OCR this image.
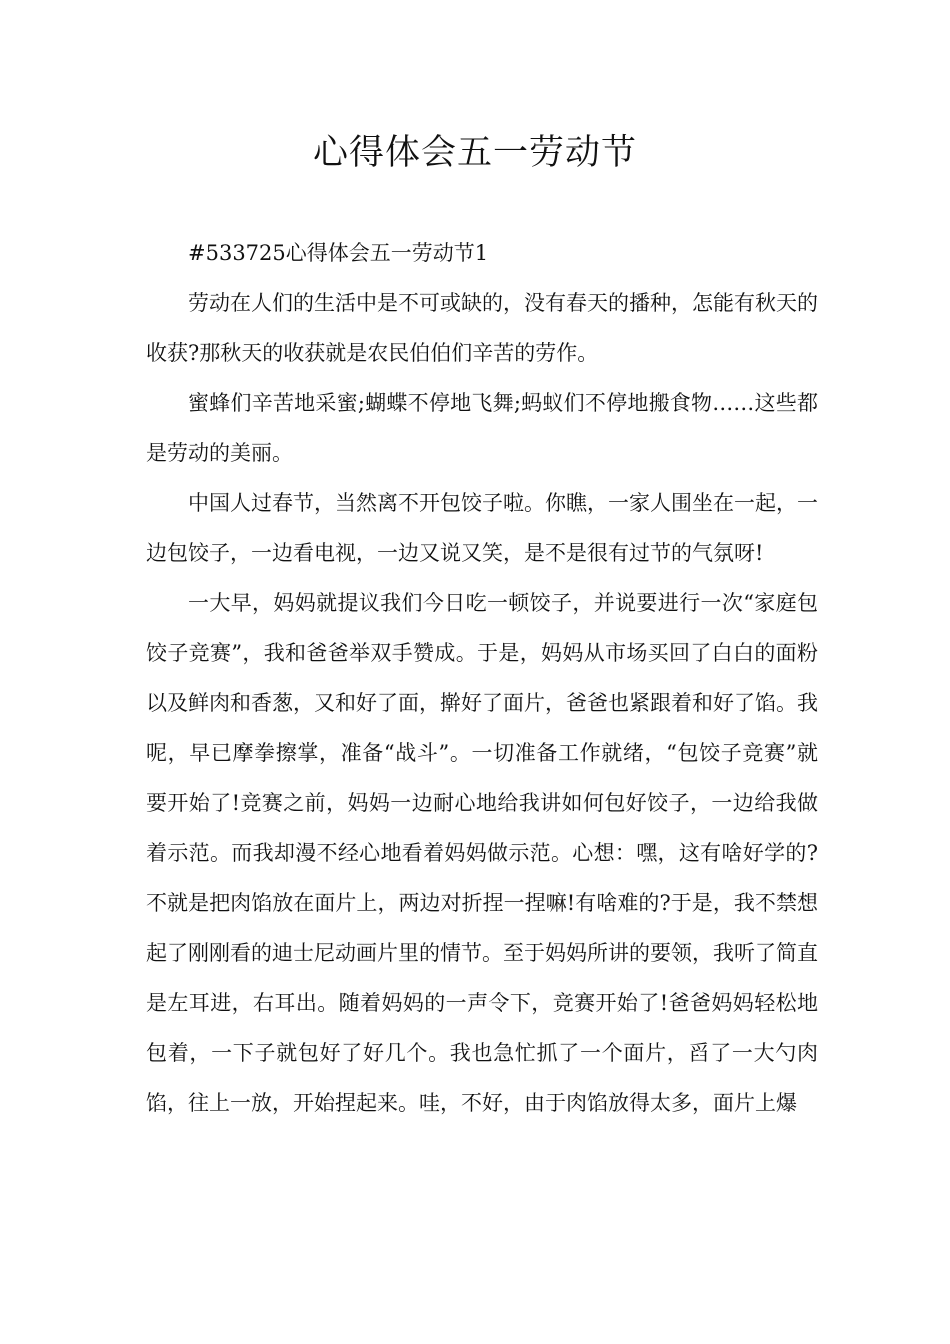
心得体会五一劳动节

#533725心得体会五一劳动节1

劳动在人们的生活中是不可或缺的，没有春天的播种，怎能有秋天的收获?那秋天的收获就是农民伯伯们辛苦的劳作。

蜜蜂们辛苦地采蜜;蝴蝶不停地飞舞;蚂蚁们不停地搬食物……这些都是劳动的美丽。

中国人过春节，当然离不开包饺子啦。你瞧，一家人围坐在一起，一边包饺子，一边看电视，一边又说又笑，是不是很有过节的气氛呀!

一大早，妈妈就提议我们今日吃一顿饺子，并说要进行一次“家庭包饺子竞赛”，我和爸爸举双手赞成。于是，妈妈从市场买回了白白的面粉以及鲜肉和香葱，又和好了面，擀好了面片，爸爸也紧跟着和好了馅。我呢，早已摩拳擦掌，准备“战斗”。一切准备工作就绪，“包饺子竞赛”就要开始了!竞赛之前，妈妈一边耐心地给我讲如何包好饺子，一边给我做着示范。而我却漫不经心地看着妈妈做示范。心想：嘿，这有啥好学的?不就是把肉馅放在面片上，两边对折捏一捏嘛!有啥难的?于是，我不禁想起了刚刚看的迪士尼动画片里的情节。至于妈妈所讲的要领，我听了简直是左耳进，右耳出。随着妈妈的一声令下，竞赛开始了!爸爸妈妈轻松地包着，一下子就包好了好几个。我也急忙抓了一个面片，舀了一大勺肉馅，往上一放，开始捏起来。哇，不好，由于肉馅放得太多，面片上爆
